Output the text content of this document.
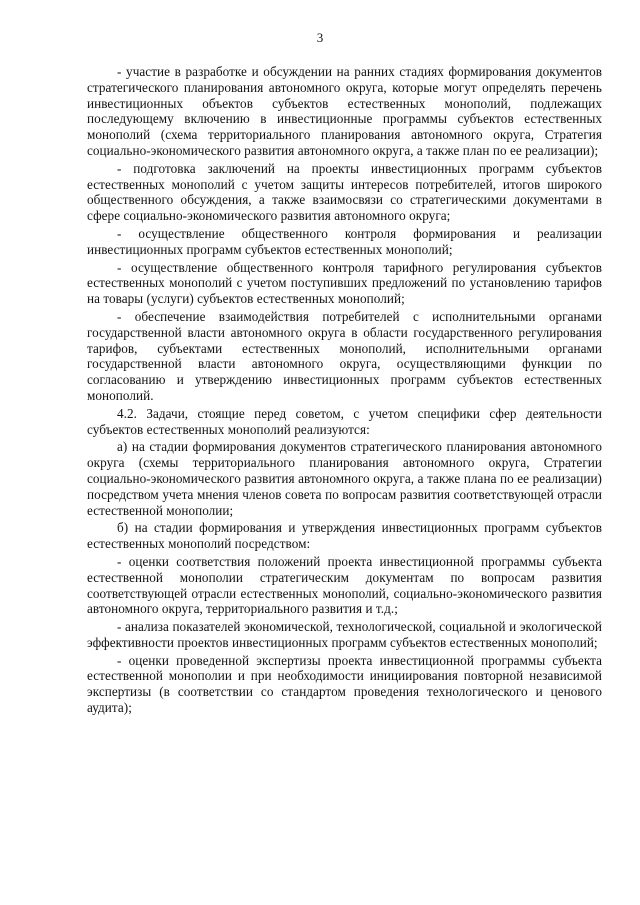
3

- участие в разработке и обсуждении на ранних стадиях формирования документов стратегического планирования автономного округа, которые могут определять перечень инвестиционных объектов субъектов естественных монополий, подлежащих последующему включению в инвестиционные программы субъектов естественных монополий (схема территориального планирования автономного округа, Стратегия социально-экономического развития автономного округа, а также план по ее реализации);

- подготовка заключений на проекты инвестиционных программ субъектов естественных монополий с учетом защиты интересов потребителей, итогов широкого общественного обсуждения, а также взаимосвязи со стратегическими документами в сфере социально-экономического развития автономного округа;

- осуществление общественного контроля формирования и реализации инвестиционных программ субъектов естественных монополий;

- осуществление общественного контроля тарифного регулирования субъектов естественных монополий с учетом поступивших предложений по установлению тарифов на товары (услуги) субъектов естественных монополий;

- обеспечение взаимодействия потребителей с исполнительными органами государственной власти автономного округа в области государственного регулирования тарифов, субъектами естественных монополий, исполнительными органами государственной власти автономного округа, осуществляющими функции по согласованию и утверждению инвестиционных программ субъектов естественных монополий.

4.2. Задачи, стоящие перед советом, с учетом специфики сфер деятельности субъектов естественных монополий реализуются:

а) на стадии формирования документов стратегического планирования автономного округа (схемы территориального планирования автономного округа, Стратегии социально-экономического развития автономного округа, а также плана по ее реализации) посредством учета мнения членов совета по вопросам развития соответствующей отрасли естественной монополии;

б) на стадии формирования и утверждения инвестиционных программ субъектов естественных монополий посредством:

- оценки соответствия положений проекта инвестиционной программы субъекта естественной монополии стратегическим документам по вопросам развития соответствующей отрасли естественных монополий, социально-экономического развития автономного округа, территориального развития и т.д.;

- анализа показателей экономической, технологической, социальной и экологической эффективности проектов инвестиционных программ субъектов естественных монополий;

- оценки проведенной экспертизы проекта инвестиционной программы субъекта естественной монополии и при необходимости инициирования повторной независимой экспертизы (в соответствии со стандартом проведения технологического и ценового аудита);
